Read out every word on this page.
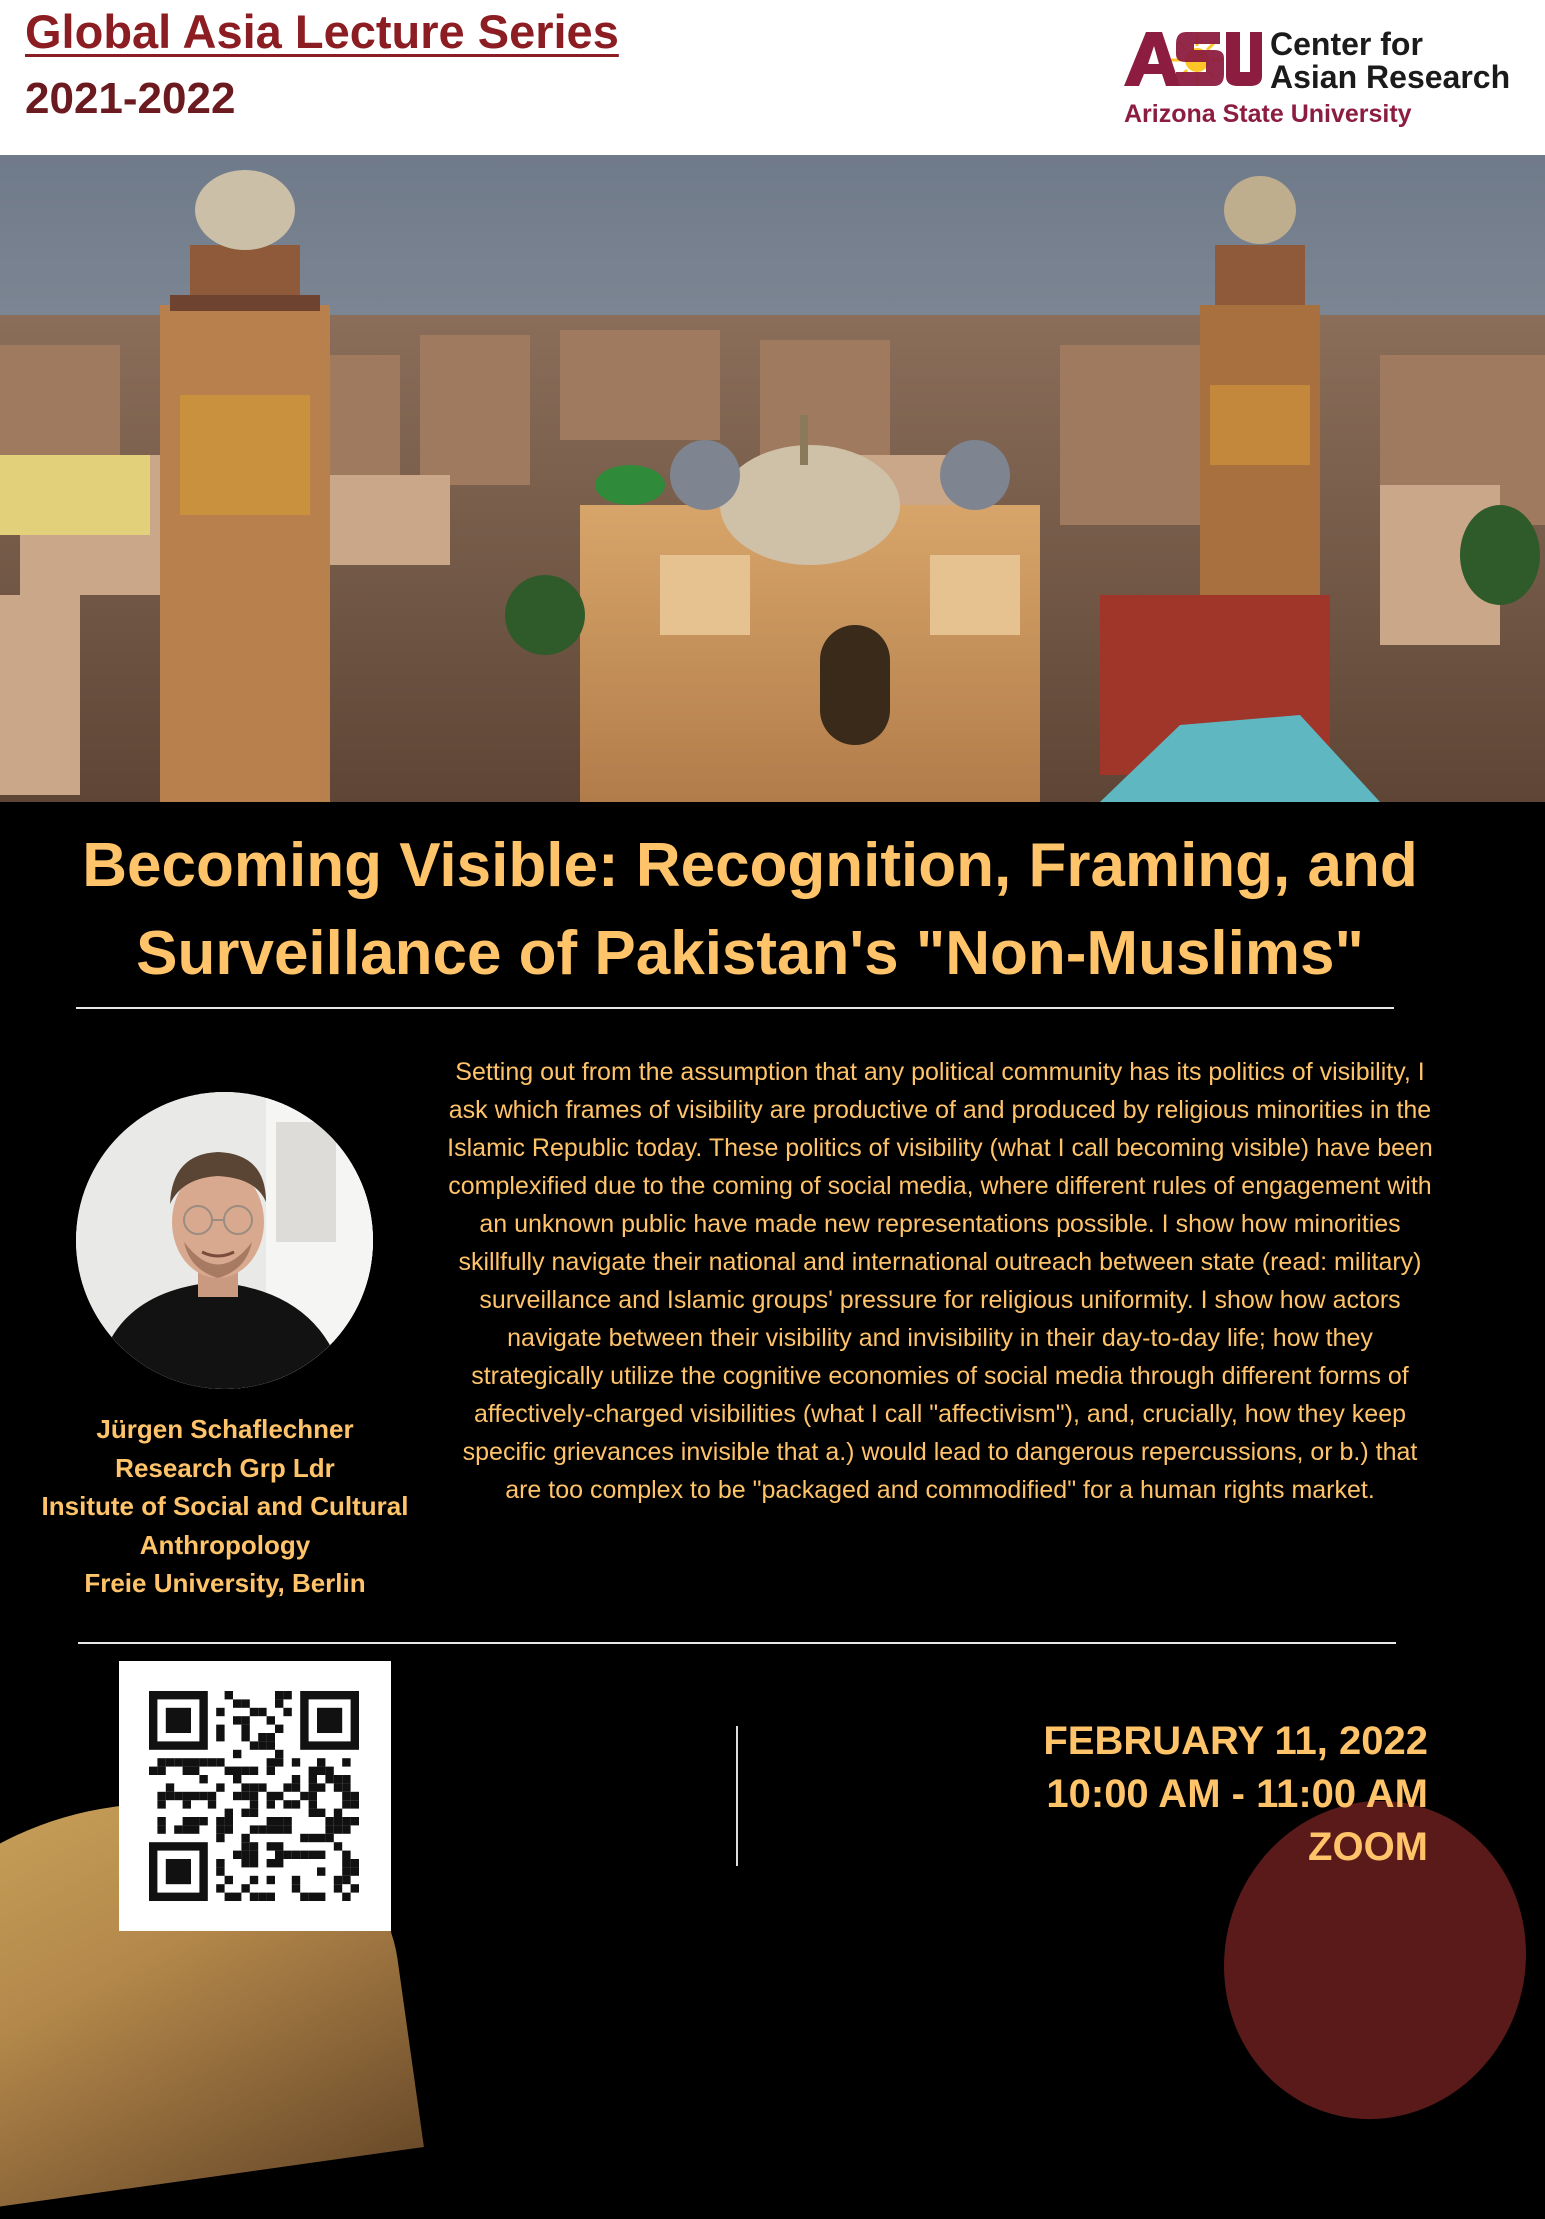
Global Asia Lecture Series
2021-2022
Center for
Asian Research
Arizona State University
Becoming Visible: Recognition, Framing, and
Surveillance of Pakistan's "Non-Muslims"
Jürgen Schaflechner
Research Grp Ldr
Insitute of Social and Cultural
Anthropology
Freie University, Berlin
Setting out from the assumption that any political community has its politics of visibility, I ask which frames of visibility are productive of and produced by religious minorities in the Islamic Republic today. These politics of visibility (what I call becoming visible) have been complexified due to the coming of social media, where different rules of engagement with an unknown public have made new representations possible. I show how minorities skillfully navigate their national and international outreach between state (read: military) surveillance and Islamic groups' pressure for religious uniformity. I show how actors navigate between their visibility and invisibility in their day-to-day life; how they strategically utilize the cognitive economies of social media through different forms of affectively-charged visibilities (what I call "affectivism"), and, crucially, how they keep specific grievances invisible that a.) would lead to dangerous repercussions, or b.) that are too complex to be "packaged and commodified" for a human rights market.
FEBRUARY 11, 2022
10:00 AM - 11:00 AM
ZOOM
